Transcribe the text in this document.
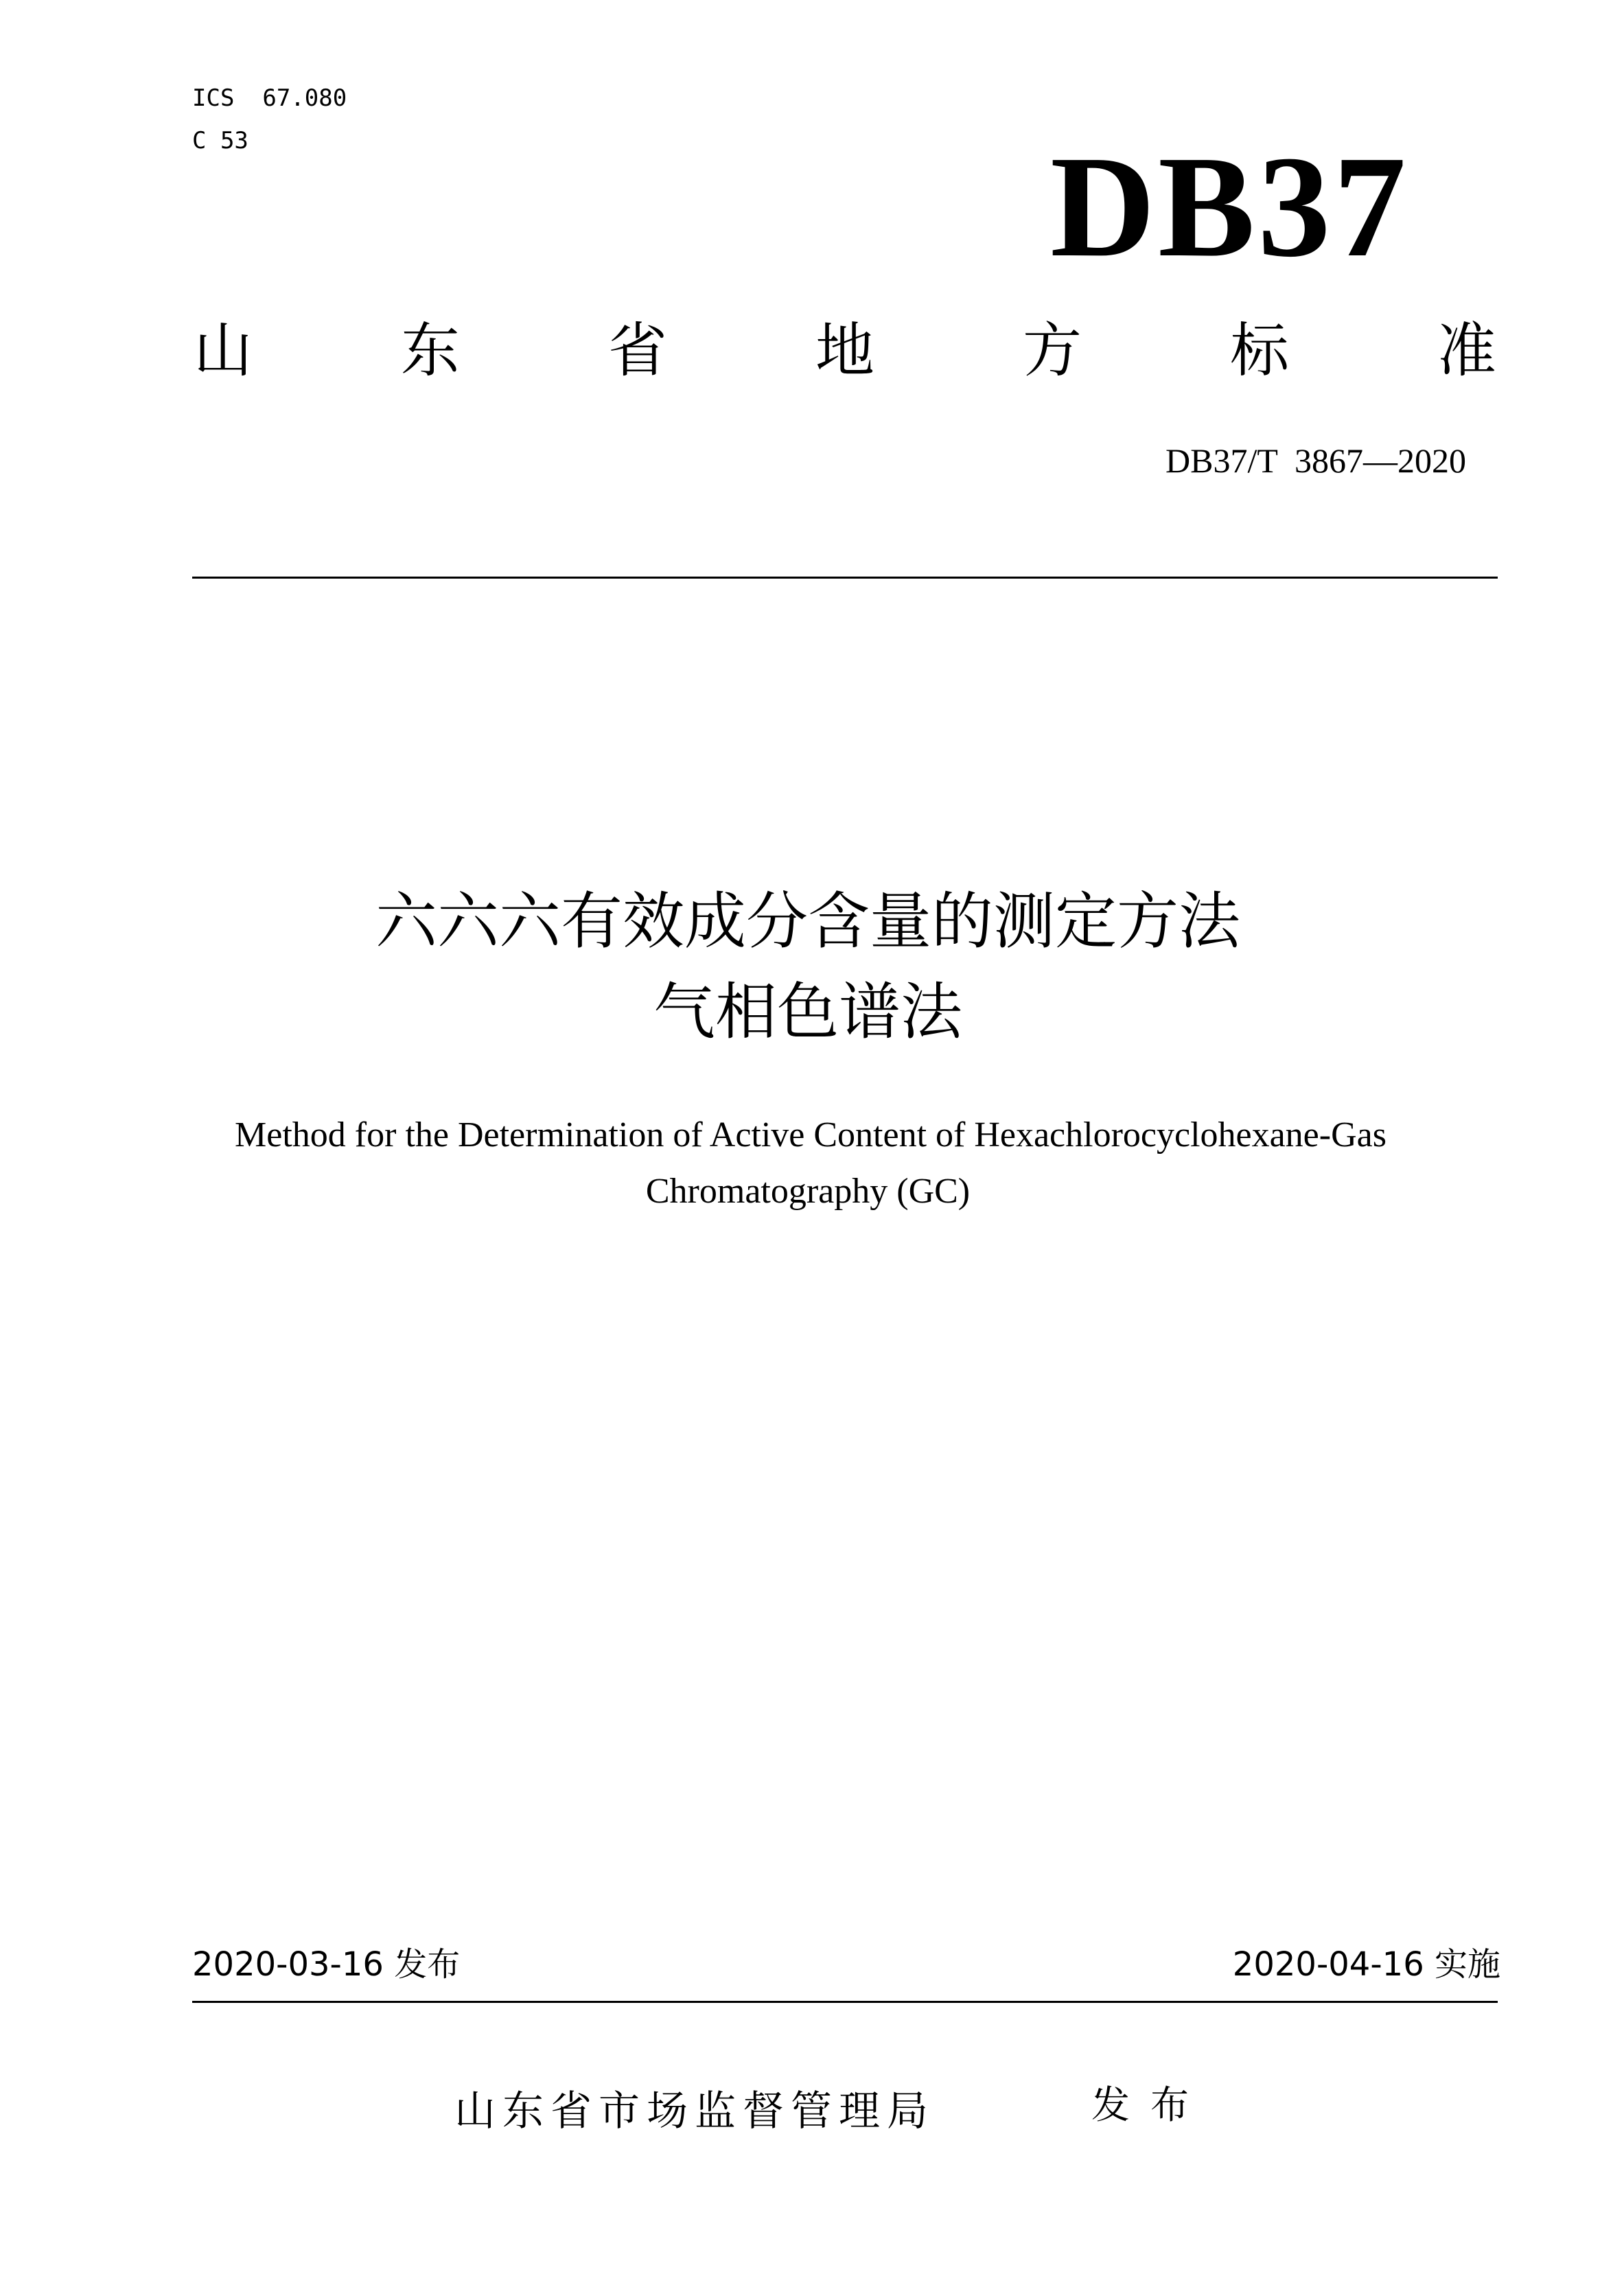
ICS  67.080
C 53	DB37
山	东	省	地	方	标	准
DB37/T  3867—2020
六六六有效成分含量的测定方法
气相色谱法
Method for the Determination of Active Content of Hexachlorocyclohexane-Gas
Chromatography (GC)
2020-03-16 发布	2020-04-16 实施
山东省市场监督管理局	发布
